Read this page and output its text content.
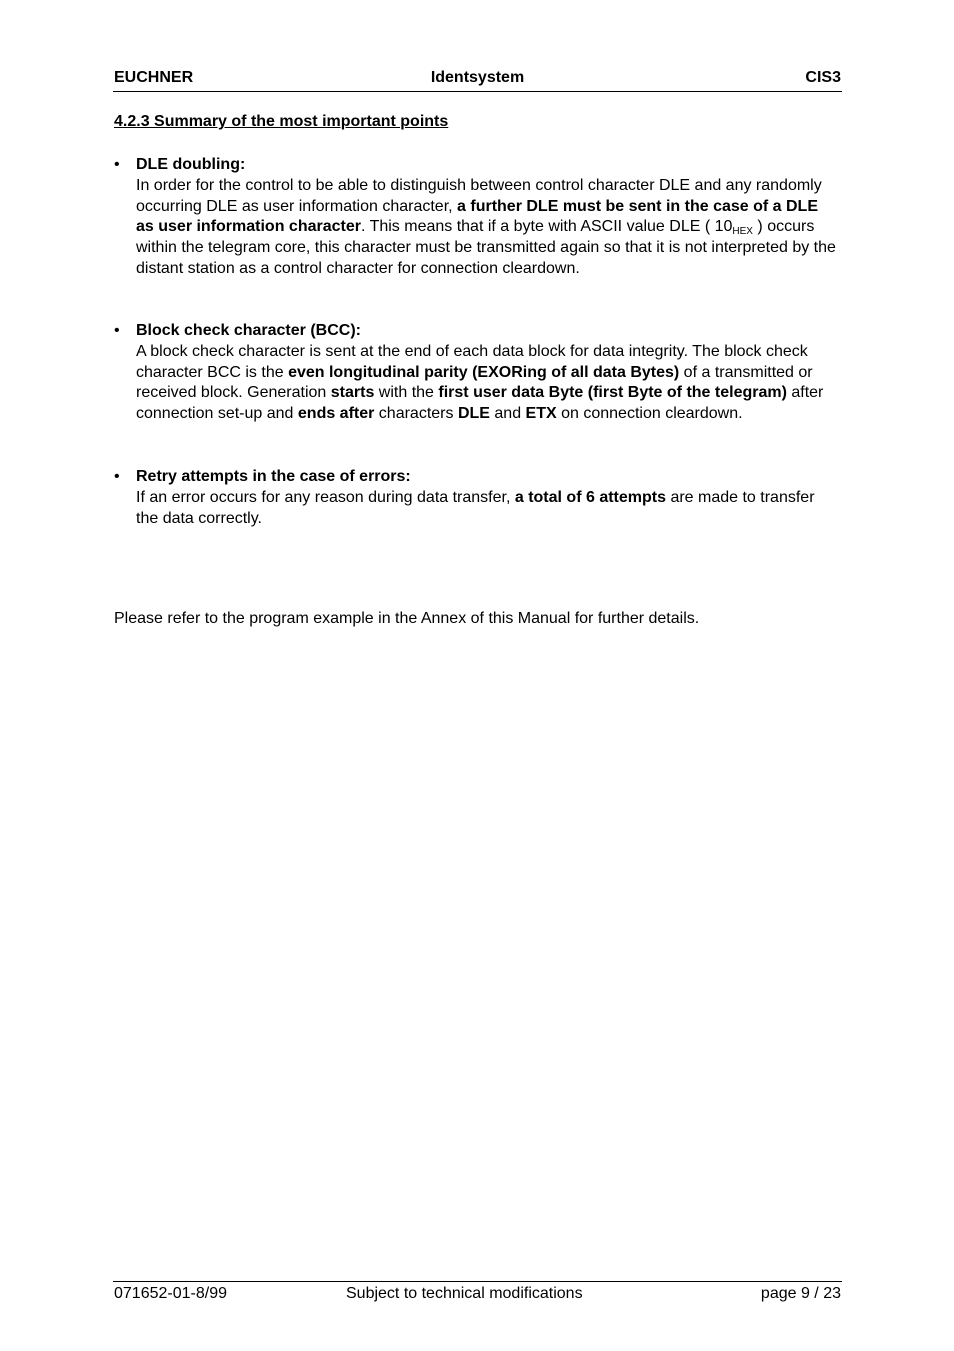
EUCHNER	Identsystem	CIS3
4.2.3 Summary of the most important points
• DLE doubling:
In order for the control to be able to distinguish between control character DLE and any randomly occurring DLE as user information character, a further DLE must be sent in the case of a DLE as user information character. This means that if a byte with ASCII value DLE ( $10_{HEX}$ ) occurs within the telegram core, this character must be transmitted again so that it is not interpreted by the distant station as a control character for connection cleardown.
• Block check character (BCC):
A block check character is sent at the end of each data block for data integrity. The block check character BCC is the even longitudinal parity (EXORing of all data Bytes) of a transmitted or received block. Generation starts with the first user data Byte (first Byte of the telegram) after connection set-up and ends after characters DLE and ETX on connection cleardown.
• Retry attempts in the case of errors:
If an error occurs for any reason during data transfer, a total of 6 attempts are made to transfer the data correctly.
Please refer to the program example in the Annex of this Manual for further details.
071652-01-8/99	Subject to technical modifications	page 9 / 23
